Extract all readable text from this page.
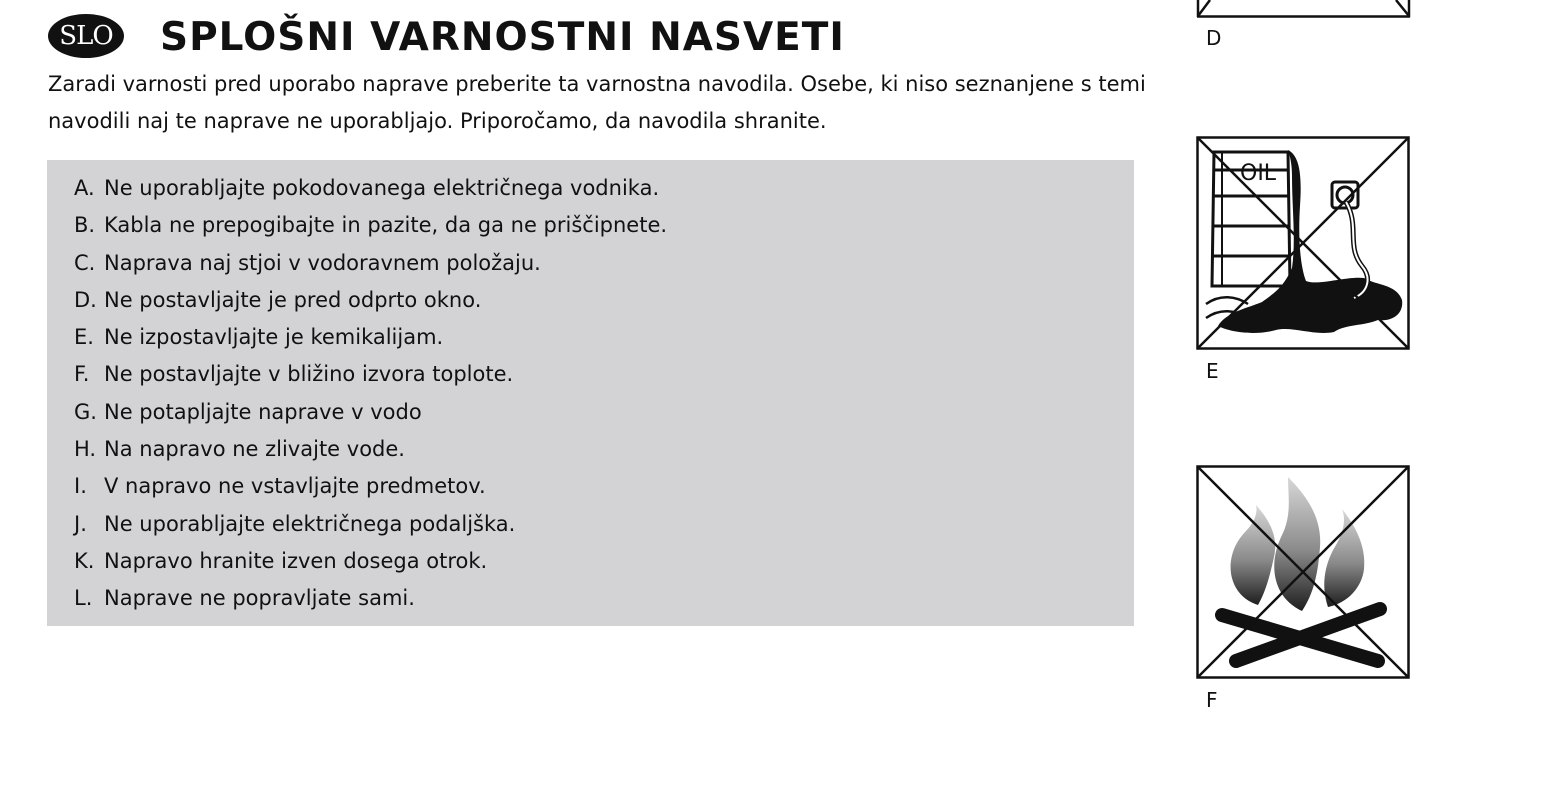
SLO SPLOŠNI VARNOSTNI NASVETI

Zaradi varnosti pred uporabo naprave preberite ta varnostna navodila. Osebe, ki niso seznanjene s temi navodili naj te naprave ne uporabljajo. Priporočamo, da navodila shranite.

A. Ne uporabljajte pokodovanega električnega vodnika.
B. Kabla ne prepogibajte in pazite, da ga ne priščipnete.
C. Naprava naj stjoi v vodoravnem položaju.
D. Ne postavljajte je pred odprto okno.
E. Ne izpostavljajte je kemikalijam.
F. Ne postavljajte v bližino izvora toplote.
G. Ne potapljajte naprave v vodo
H. Na napravo ne zlivajte vode.
I. V napravo ne vstavljajte predmetov.
J. Ne uporabljajte električnega podaljška.
K. Napravo hranite izven dosega otrok.
L. Naprave ne popravljate sami.
D
OIL
E
F
